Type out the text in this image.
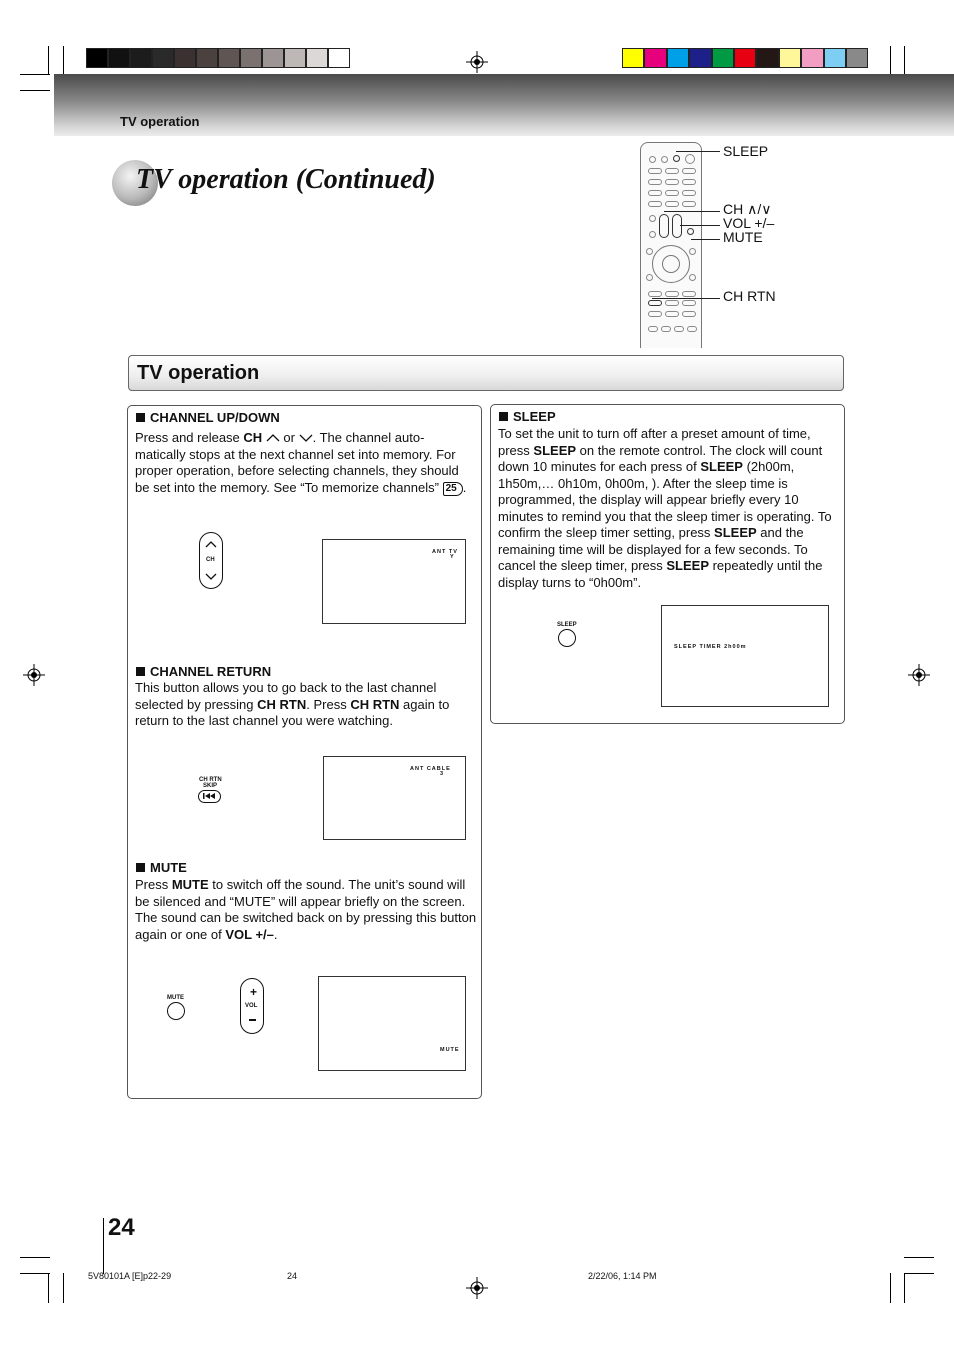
TV operation
TV operation (Continued)
SLEEP
CH ∧/∨
VOL +/–
MUTE
CH RTN
TV operation
CHANNEL UP/DOWN
Press and release CH  or . The channel auto-matically stops at the next channel set into memory. For proper operation, before selecting channels, they should be set into the memory. See “To memorize channels” 25 .
CH
ANT TV
Y
CHANNEL RETURN
This button allows you to go back to the last channel selected by pressing CH RTN. Press CH RTN again to return to the last channel you were watching.
CH RTN
SKIP
ANT CABLE
3
MUTE
Press MUTE to switch off the sound. The unit’s sound will be silenced and “MUTE” will appear briefly on the screen. The sound can be switched back on by pressing this button again or one of VOL +/–.
MUTE	+
VOL
MUTE
SLEEP
To set the unit to turn off after a preset amount of time, press SLEEP on the remote control. The clock will count down 10 minutes for each press of SLEEP (2h00m, 1h50m,… 0h10m, 0h00m, ). After the sleep time is programmed, the display will appear briefly every 10 minutes to remind you that the sleep timer is operating. To confirm the sleep timer setting, press SLEEP and the remaining time will be displayed for a few seconds. To cancel the sleep timer, press SLEEP repeatedly until the display turns to “0h00m”.
SLEEP
SLEEP TIMER 2h00m
24
5V80101A [E]p22-29	24	2/22/06, 1:14 PM
